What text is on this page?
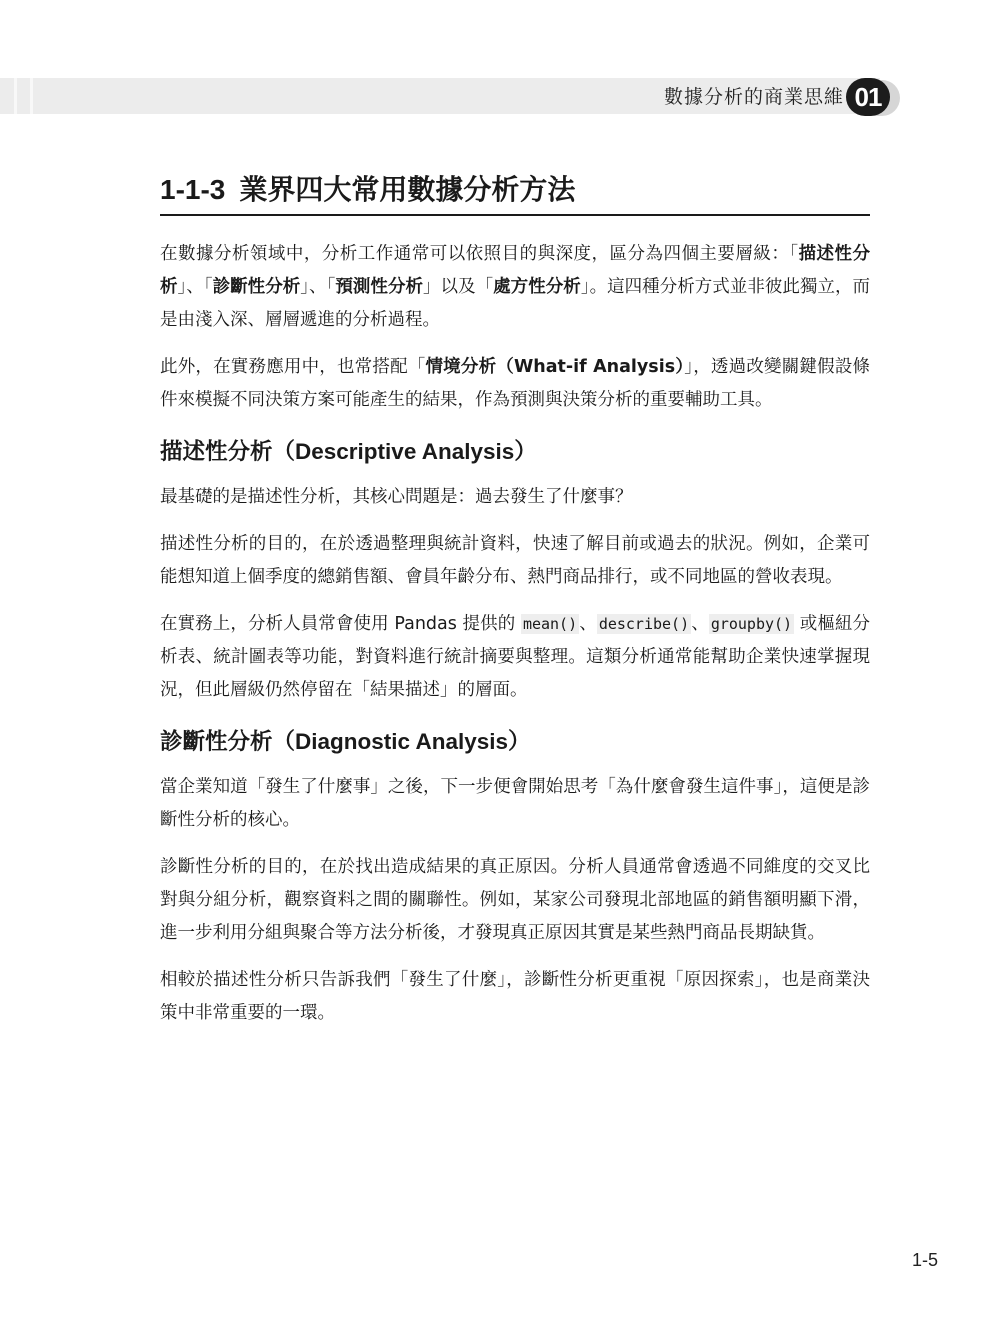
數據分析的商業思維 01
1-1-3 業界四大常用數據分析方法

在數據分析領域中，分析工作通常可以依照目的與深度，區分為四個主要層級：「描述性分析」、「診斷性分析」、「預測性分析」以及「處方性分析」。這四種分析方式並非彼此獨立，而是由淺入深、層層遞進的分析過程。

此外，在實務應用中，也常搭配「情境分析（What-if Analysis）」，透過改變關鍵假設條件來模擬不同決策方案可能產生的結果，作為預測與決策分析的重要輔助工具。

描述性分析（Descriptive Analysis）

最基礎的是描述性分析，其核心問題是：過去發生了什麼事？

描述性分析的目的，在於透過整理與統計資料，快速了解目前或過去的狀況。例如，企業可能想知道上個季度的總銷售額、會員年齡分布、熱門商品排行，或不同地區的營收表現。

在實務上，分析人員常會使用 Pandas 提供的 mean() 、 describe() 、 groupby() 或樞紐分析表、統計圖表等功能，對資料進行統計摘要與整理。這類分析通常能幫助企業快速掌握現況，但此層級仍然停留在「結果描述」的層面。

診斷性分析（Diagnostic Analysis）

當企業知道「發生了什麼事」之後，下一步便會開始思考「為什麼會發生這件事」，這便是診斷性分析的核心。

診斷性分析的目的，在於找出造成結果的真正原因。分析人員通常會透過不同維度的交叉比對與分組分析，觀察資料之間的關聯性。例如，某家公司發現北部地區的銷售額明顯下滑，進一步利用分組與聚合等方法分析後，才發現真正原因其實是某些熱門商品長期缺貨。

相較於描述性分析只告訴我們「發生了什麼」，診斷性分析更重視「原因探索」，也是商業決策中非常重要的一環。

1-5
